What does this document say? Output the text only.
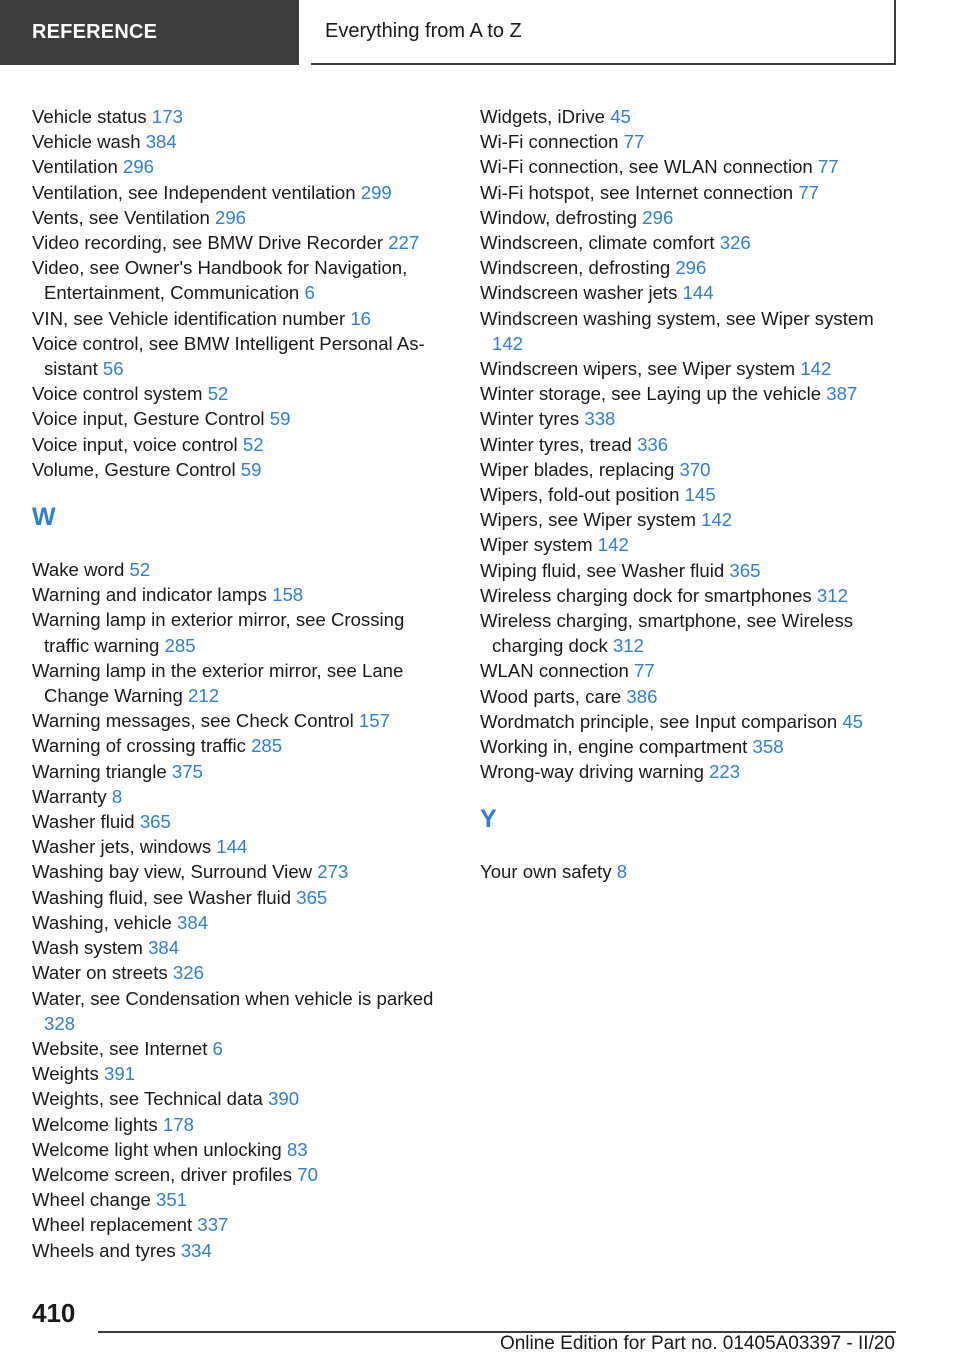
REFERENCE	Everything from A to Z
Vehicle status 173
Vehicle wash 384
Ventilation 296
Ventilation, see Independent ventilation 299
Vents, see Ventilation 296
Video recording, see BMW Drive Recorder 227
Video, see Owner's Handbook for Navigation, Entertainment, Communication 6
VIN, see Vehicle identification number 16
Voice control, see BMW Intelligent Personal Assistant 56
Voice control system 52
Voice input, Gesture Control 59
Voice input, voice control 52
Volume, Gesture Control 59
W
Wake word 52
Warning and indicator lamps 158
Warning lamp in exterior mirror, see Crossing traffic warning 285
Warning lamp in the exterior mirror, see Lane Change Warning 212
Warning messages, see Check Control 157
Warning of crossing traffic 285
Warning triangle 375
Warranty 8
Washer fluid 365
Washer jets, windows 144
Washing bay view, Surround View 273
Washing fluid, see Washer fluid 365
Washing, vehicle 384
Wash system 384
Water on streets 326
Water, see Condensation when vehicle is parked 328
Website, see Internet 6
Weights 391
Weights, see Technical data 390
Welcome lights 178
Welcome light when unlocking 83
Welcome screen, driver profiles 70
Wheel change 351
Wheel replacement 337
Wheels and tyres 334
Widgets, iDrive 45
Wi-Fi connection 77
Wi-Fi connection, see WLAN connection 77
Wi-Fi hotspot, see Internet connection 77
Window, defrosting 296
Windscreen, climate comfort 326
Windscreen, defrosting 296
Windscreen washer jets 144
Windscreen washing system, see Wiper system 142
Windscreen wipers, see Wiper system 142
Winter storage, see Laying up the vehicle 387
Winter tyres 338
Winter tyres, tread 336
Wiper blades, replacing 370
Wipers, fold-out position 145
Wipers, see Wiper system 142
Wiper system 142
Wiping fluid, see Washer fluid 365
Wireless charging dock for smartphones 312
Wireless charging, smartphone, see Wireless charging dock 312
WLAN connection 77
Wood parts, care 386
Wordmatch principle, see Input comparison 45
Working in, engine compartment 358
Wrong-way driving warning 223
Y
Your own safety 8
410
Online Edition for Part no. 01405A03397 - II/20
